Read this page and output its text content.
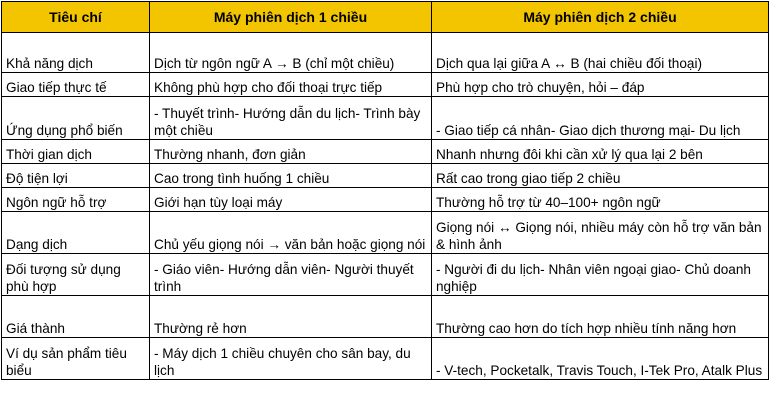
Tiêu chí	Máy phiên dịch 1 chiều	Máy phiên dịch 2 chiều
Khả năng dịch	Dịch từ ngôn ngữ A → B (chỉ một chiều)	Dịch qua lại giữa A ↔ B (hai chiều đối thoại)
Giao tiếp thực tế	Không phù hợp cho đối thoại trực tiếp	Phù hợp cho trò chuyện, hỏi – đáp
Ứng dụng phổ biến	- Thuyết trình- Hướng dẫn du lịch- Trình bày một chiều	- Giao tiếp cá nhân- Giao dịch thương mại- Du lịch
Thời gian dịch	Thường nhanh, đơn giản	Nhanh nhưng đôi khi cần xử lý qua lại 2 bên
Độ tiện lợi	Cao trong tình huống 1 chiều	Rất cao trong giao tiếp 2 chiều
Ngôn ngữ hỗ trợ	Giới hạn tùy loại máy	Thường hỗ trợ từ 40–100+ ngôn ngữ
Dạng dịch	Chủ yếu giọng nói → văn bản hoặc giọng nói	Giọng nói ↔ Giọng nói, nhiều máy còn hỗ trợ văn bản & hình ảnh
Đối tượng sử dụng phù hợp	- Giáo viên- Hướng dẫn viên- Người thuyết trình	- Người đi du lịch- Nhân viên ngoại giao- Chủ doanh nghiệp
Giá thành	Thường rẻ hơn	Thường cao hơn do tích hợp nhiều tính năng hơn
Ví dụ sản phẩm tiêu biểu	- Máy dịch 1 chiều chuyên cho sân bay, du lịch	- V-tech, Pocketalk, Travis Touch, I-Tek Pro, Atalk Plus
